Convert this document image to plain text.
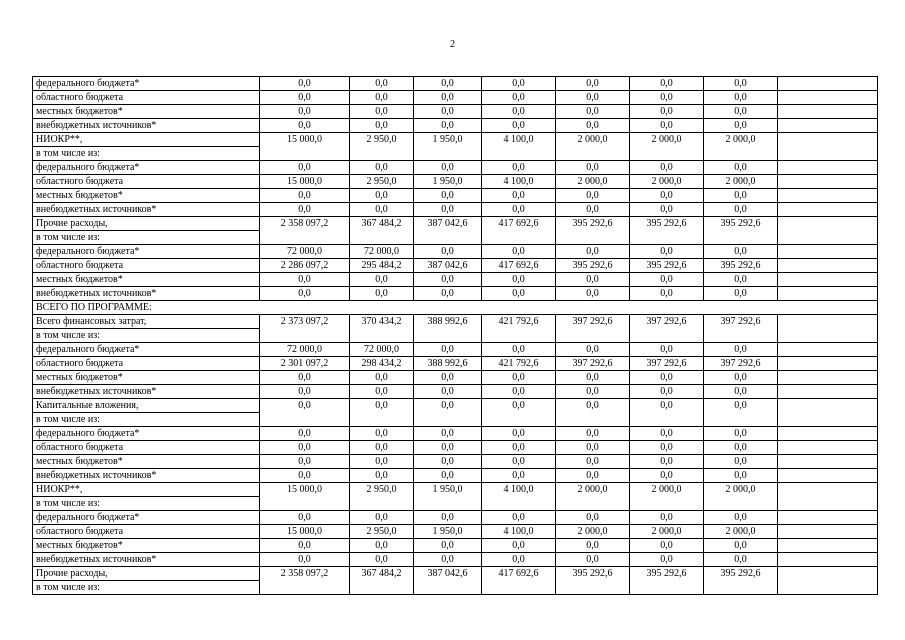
2
федерального бюджета*	0,0	0,0	0,0	0,0	0,0	0,0	0,0	
областного бюджета	0,0	0,0	0,0	0,0	0,0	0,0	0,0	
местных бюджетов*	0,0	0,0	0,0	0,0	0,0	0,0	0,0	
внебюджетных источников*	0,0	0,0	0,0	0,0	0,0	0,0	0,0	
НИОКР**,	15 000,0	2 950,0	1 950,0	4 100,0	2 000,0	2 000,0	2 000,0	
в том числе из:								
федерального бюджета*	0,0	0,0	0,0	0,0	0,0	0,0	0,0	
областного бюджета	15 000,0	2 950,0	1 950,0	4 100,0	2 000,0	2 000,0	2 000,0	
местных бюджетов*	0,0	0,0	0,0	0,0	0,0	0,0	0,0	
внебюджетных источников*	0,0	0,0	0,0	0,0	0,0	0,0	0,0	
Прочие расходы,	2 358 097,2	367 484,2	387 042,6	417 692,6	395 292,6	395 292,6	395 292,6	
в том числе из:								
федерального бюджета*	72 000,0	72 000,0	0,0	0,0	0,0	0,0	0,0	
областного бюджета	2 286 097,2	295 484,2	387 042,6	417 692,6	395 292,6	395 292,6	395 292,6	
местных бюджетов*	0,0	0,0	0,0	0,0	0,0	0,0	0,0	
внебюджетных источников*	0,0	0,0	0,0	0,0	0,0	0,0	0,0	
ВСЕГО ПО ПРОГРАММЕ:								
Всего финансовых затрат,	2 373 097,2	370 434,2	388 992,6	421 792,6	397 292,6	397 292,6	397 292,6	
в том числе из:								
федерального бюджета*	72 000,0	72 000,0	0,0	0,0	0,0	0,0	0,0	
областного бюджета	2 301 097,2	298 434,2	388 992,6	421 792,6	397 292,6	397 292,6	397 292,6	
местных бюджетов*	0,0	0,0	0,0	0,0	0,0	0,0	0,0	
внебюджетных источников*	0,0	0,0	0,0	0,0	0,0	0,0	0,0	
Капитальные вложения,	0,0	0,0	0,0	0,0	0,0	0,0	0,0	
в том числе из:								
федерального бюджета*	0,0	0,0	0,0	0,0	0,0	0,0	0,0	
областного бюджета	0,0	0,0	0,0	0,0	0,0	0,0	0,0	
местных бюджетов*	0,0	0,0	0,0	0,0	0,0	0,0	0,0	
внебюджетных источников*	0,0	0,0	0,0	0,0	0,0	0,0	0,0	
НИОКР**,	15 000,0	2 950,0	1 950,0	4 100,0	2 000,0	2 000,0	2 000,0	
в том числе из:								
федерального бюджета*	0,0	0,0	0,0	0,0	0,0	0,0	0,0	
областного бюджета	15 000,0	2 950,0	1 950,0	4 100,0	2 000,0	2 000,0	2 000,0	
местных бюджетов*	0,0	0,0	0,0	0,0	0,0	0,0	0,0	
внебюджетных источников*	0,0	0,0	0,0	0,0	0,0	0,0	0,0	
Прочие расходы,	2 358 097,2	367 484,2	387 042,6	417 692,6	395 292,6	395 292,6	395 292,6	
в том числе из:								
